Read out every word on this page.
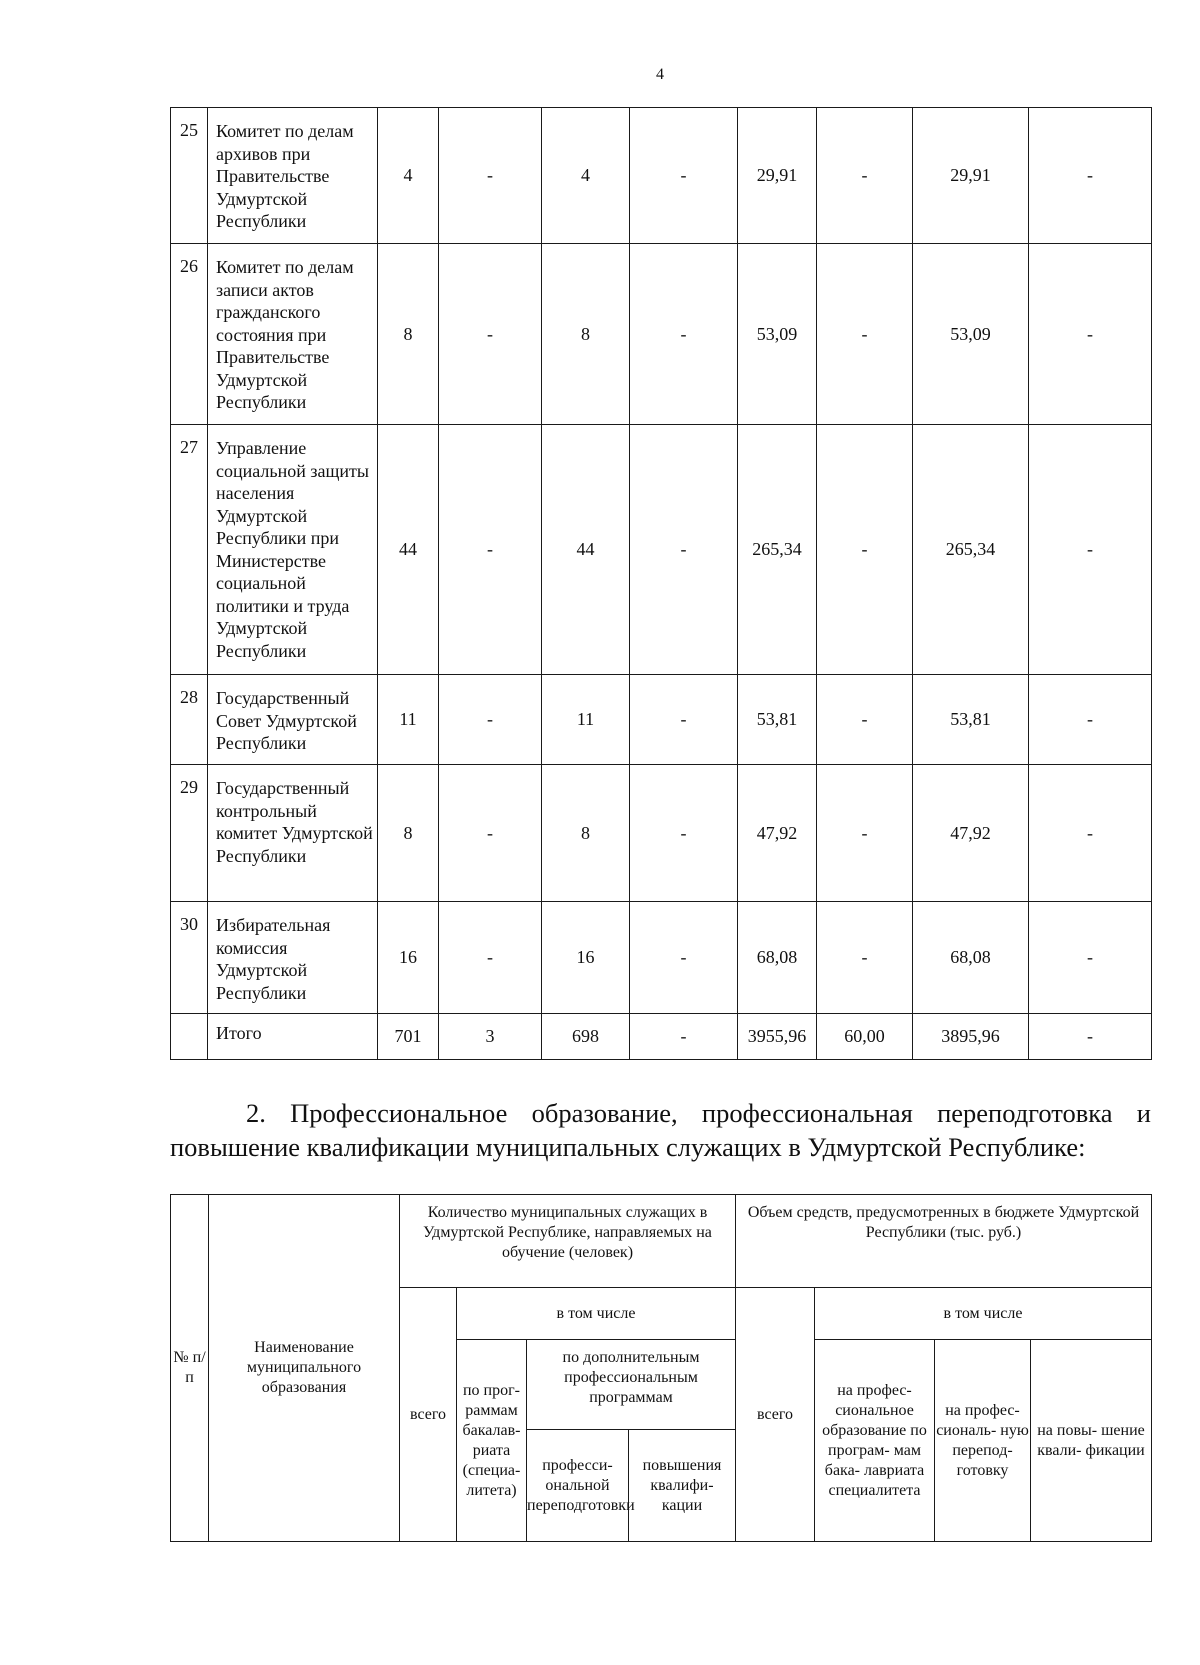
4
25	Комитет по делам архивов при Правительстве Удмуртской Республики	4	-	4	-	29,91	-	29,91	-
26	Комитет по делам записи актов гражданского состояния при Правительстве Удмуртской Республики	8	-	8	-	53,09	-	53,09	-
27	Управление социальной защиты населения Удмуртской Республики при Министерстве социальной политики и труда Удмуртской Республики	44	-	44	-	265,34	-	265,34	-
28	Государственный Совет Удмуртской Республики	11	-	11	-	53,81	-	53,81	-
29	Государственный контрольный комитет Удмуртской Республики	8	-	8	-	47,92	-	47,92	-
30	Избирательная комиссия Удмуртской Республики	16	-	16	-	68,08	-	68,08	-
	Итого	701	3	698	-	3955,96	60,00	3895,96	-
2. Профессиональное образование, профессиональная переподготовка и
повышение квалификации муниципальных служащих в Удмуртской Республике:
№ п/п	Наименование муниципального образования	Количество муниципальных служащих в Удмуртской Республике, направляемых на обучение (человек)				Объем средств, предусмотренных в бюджете Удмуртской Республики (тыс. руб.)			
		всего	в том числе			всего	в том числе		
			по прог- раммам бакалав- риата (специа- литета)	по дополнительным профессиональным программам			на профес- сиональное образование по програм- мам бака- лавриата специалитета	на профес- сиональ- ную перепод- готовку	на повы- шение квали- фикации
				професси- ональной переподготовки	повышения квалифи- кации				
